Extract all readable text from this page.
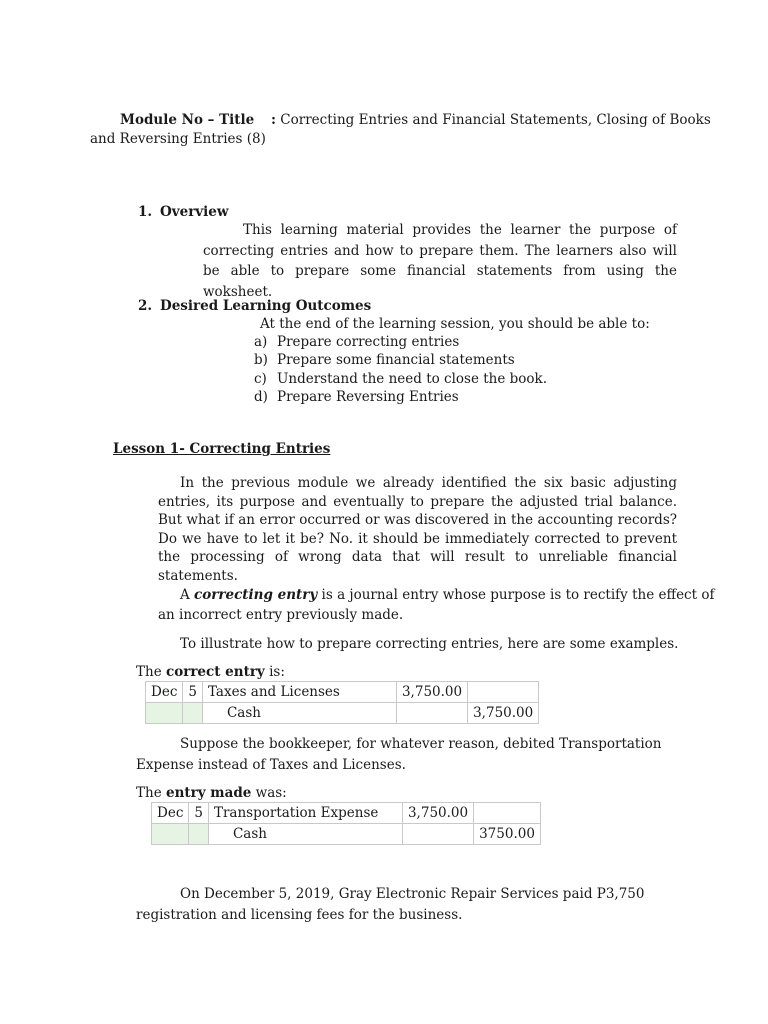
Module No – Title : Correcting Entries and Financial Statements, Closing of Books
and Reversing Entries (8)
1. Overview
This learning material provides the learner the purpose of correcting entries and how to prepare them. The learners also will be able to prepare some financial statements from using the woksheet.
2. Desired Learning Outcomes
At the end of the learning session, you should be able to:
a) Prepare correcting entries
b) Prepare some financial statements
c) Understand the need to close the book.
d) Prepare Reversing Entries
Lesson 1- Correcting Entries
In the previous module we already identified the six basic adjusting entries, its purpose and eventually to prepare the adjusted trial balance. But what if an error occurred or was discovered in the accounting records? Do we have to let it be? No. it should be immediately corrected to prevent the processing of wrong data that will result to unreliable financial statements.
A correcting entry is a journal entry whose purpose is to rectify the effect of
an incorrect entry previously made.
To illustrate how to prepare correcting entries, here are some examples.
The correct entry is:
Dec	5	Taxes and Licenses	3,750.00	
		Cash		3,750.00
Suppose the bookkeeper, for whatever reason, debited Transportation
Expense instead of Taxes and Licenses.
The entry made was:
Dec	5	Transportation Expense	3,750.00	
		Cash		3750.00
On December 5, 2019, Gray Electronic Repair Services paid P3,750
registration and licensing fees for the business.
